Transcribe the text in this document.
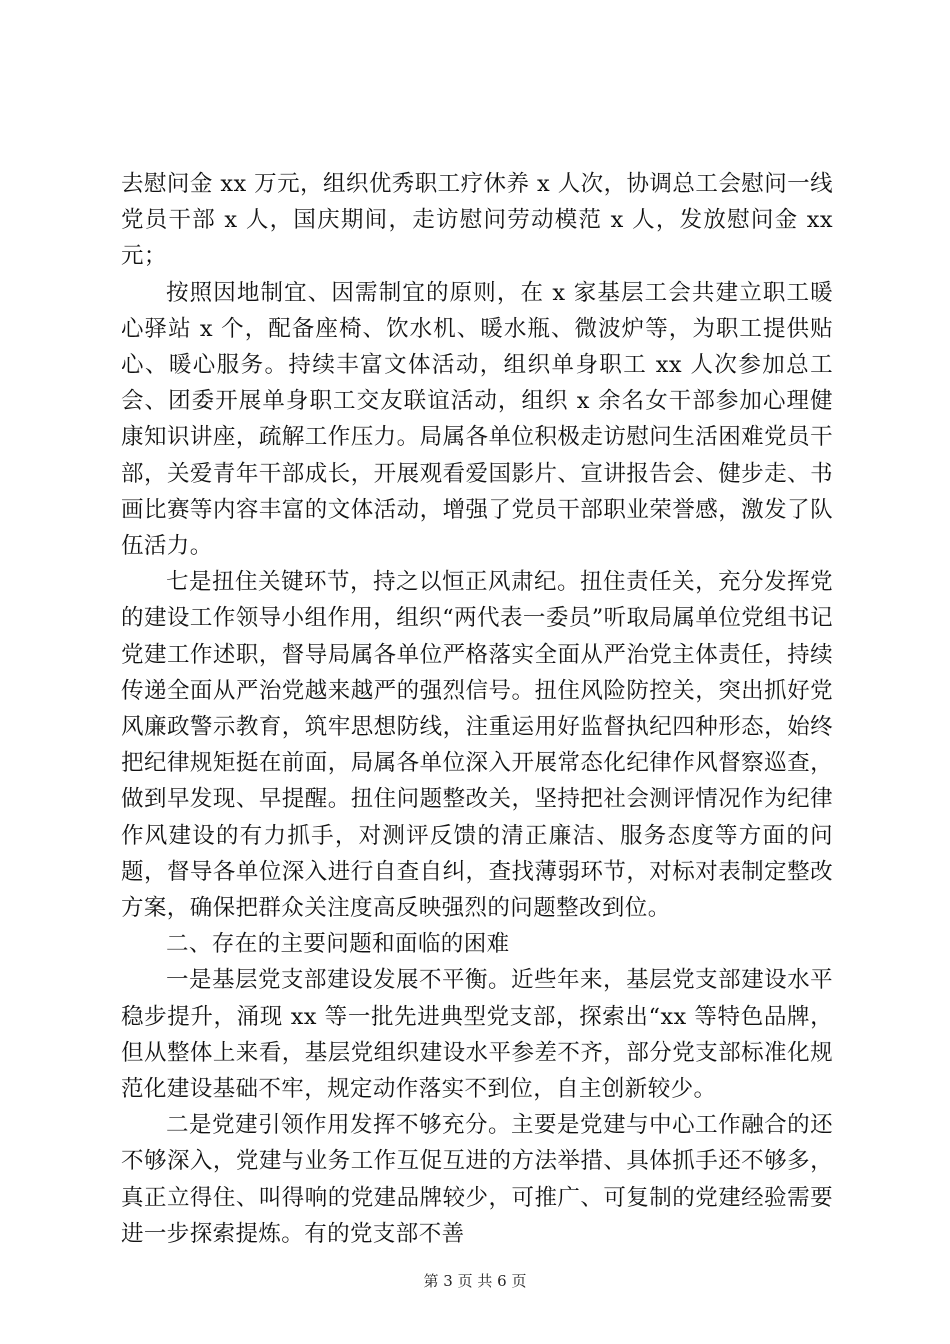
去慰问金 xx 万元，组织优秀职工疗休养 x 人次，协调总工会慰问一线党员干部 x 人，国庆期间，走访慰问劳动模范 x 人，发放慰问金 xx 元；

按照因地制宜、因需制宜的原则，在 x 家基层工会共建立职工暖心驿站 x 个，配备座椅、饮水机、暖水瓶、微波炉等，为职工提供贴心、暖心服务。持续丰富文体活动，组织单身职工 xx 人次参加总工会、团委开展单身职工交友联谊活动，组织 x 余名女干部参加心理健康知识讲座，疏解工作压力。局属各单位积极走访慰问生活困难党员干部，关爱青年干部成长，开展观看爱国影片、宣讲报告会、健步走、书画比赛等内容丰富的文体活动，增强了党员干部职业荣誉感，激发了队伍活力。

七是扭住关键环节，持之以恒正风肃纪。扭住责任关，充分发挥党的建设工作领导小组作用，组织“两代表一委员”听取局属单位党组书记党建工作述职，督导局属各单位严格落实全面从严治党主体责任，持续传递全面从严治党越来越严的强烈信号。扭住风险防控关，突出抓好党风廉政警示教育，筑牢思想防线，注重运用好监督执纪四种形态，始终把纪律规矩挺在前面，局属各单位深入开展常态化纪律作风督察巡查，做到早发现、早提醒。扭住问题整改关，坚持把社会测评情况作为纪律作风建设的有力抓手，对测评反馈的清正廉洁、服务态度等方面的问题，督导各单位深入进行自查自纠，查找薄弱环节，对标对表制定整改方案，确保把群众关注度高反映强烈的问题整改到位。

二、存在的主要问题和面临的困难

一是基层党支部建设发展不平衡。近些年来，基层党支部建设水平稳步提升，涌现 xx 等一批先进典型党支部，探索出“xx 等特色品牌，但从整体上来看，基层党组织建设水平参差不齐，部分党支部标准化规范化建设基础不牢，规定动作落实不到位，自主创新较少。

二是党建引领作用发挥不够充分。主要是党建与中心工作融合的还不够深入，党建与业务工作互促互进的方法举措、具体抓手还不够多，真正立得住、叫得响的党建品牌较少，可推广、可复制的党建经验需要进一步探索提炼。有的党支部不善

第 3 页 共 6 页
